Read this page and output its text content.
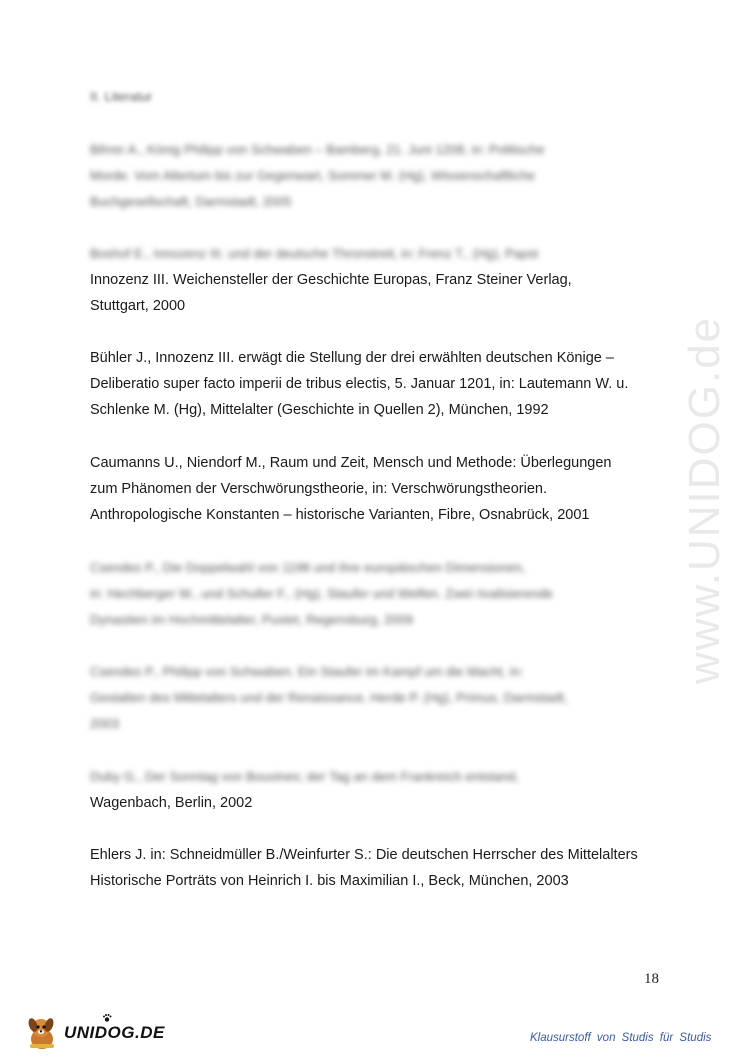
www.UNIDOG.de
II. Literatur

Bihrer A., König Philipp von Schwaben – Bamberg, 21. Juni 1208, in: Politische
Morde. Vom Altertum bis zur Gegenwart, Sommer M. (Hg), Wissenschaftliche
Buchgesellschaft, Darmstadt, 2005

Boshof E., Innozenz III. und der deutsche Thronstreit, in: Frenz T., (Hg), Papst
Innozenz III. Weichensteller der Geschichte Europas, Franz Steiner Verlag,
Stuttgart, 2000

Bühler J., Innozenz III. erwägt die Stellung der drei erwählten deutschen Könige –
Deliberatio super facto imperii de tribus electis, 5. Januar 1201, in: Lautemann W. u.
Schlenke M. (Hg), Mittelalter (Geschichte in Quellen 2), München, 1992

Caumanns U., Niendorf M., Raum und Zeit, Mensch und Methode: Überlegungen
zum Phänomen der Verschwörungstheorie, in: Verschwörungstheorien.
Anthropologische Konstanten – historische Varianten, Fibre, Osnabrück, 2001

Csendes P., Die Doppelwahl von 1198 und ihre europäischen Dimensionen,
in: Hechberger W., und Schuller F., (Hg), Staufer und Welfen. Zwei rivalisierende
Dynastien im Hochmittelalter, Pustet, Regensburg, 2009

Csendes P., Philipp von Schwaben. Ein Staufer im Kampf um die Macht, in:
Gestalten des Mittelalters und der Renaissance, Herde P. (Hg), Primus, Darmstadt,
2003

Duby G., Der Sonntag von Bouvines; der Tag an dem Frankreich entstand,
Wagenbach, Berlin, 2002

Ehlers J. in: Schneidmüller B./Weinfurter S.: Die deutschen Herrscher des Mittelalters
Historische Porträts von Heinrich I. bis Maximilian I., Beck, München, 2003

18
UNIDOG.DE	Klausurstoff von Studis für Studis
